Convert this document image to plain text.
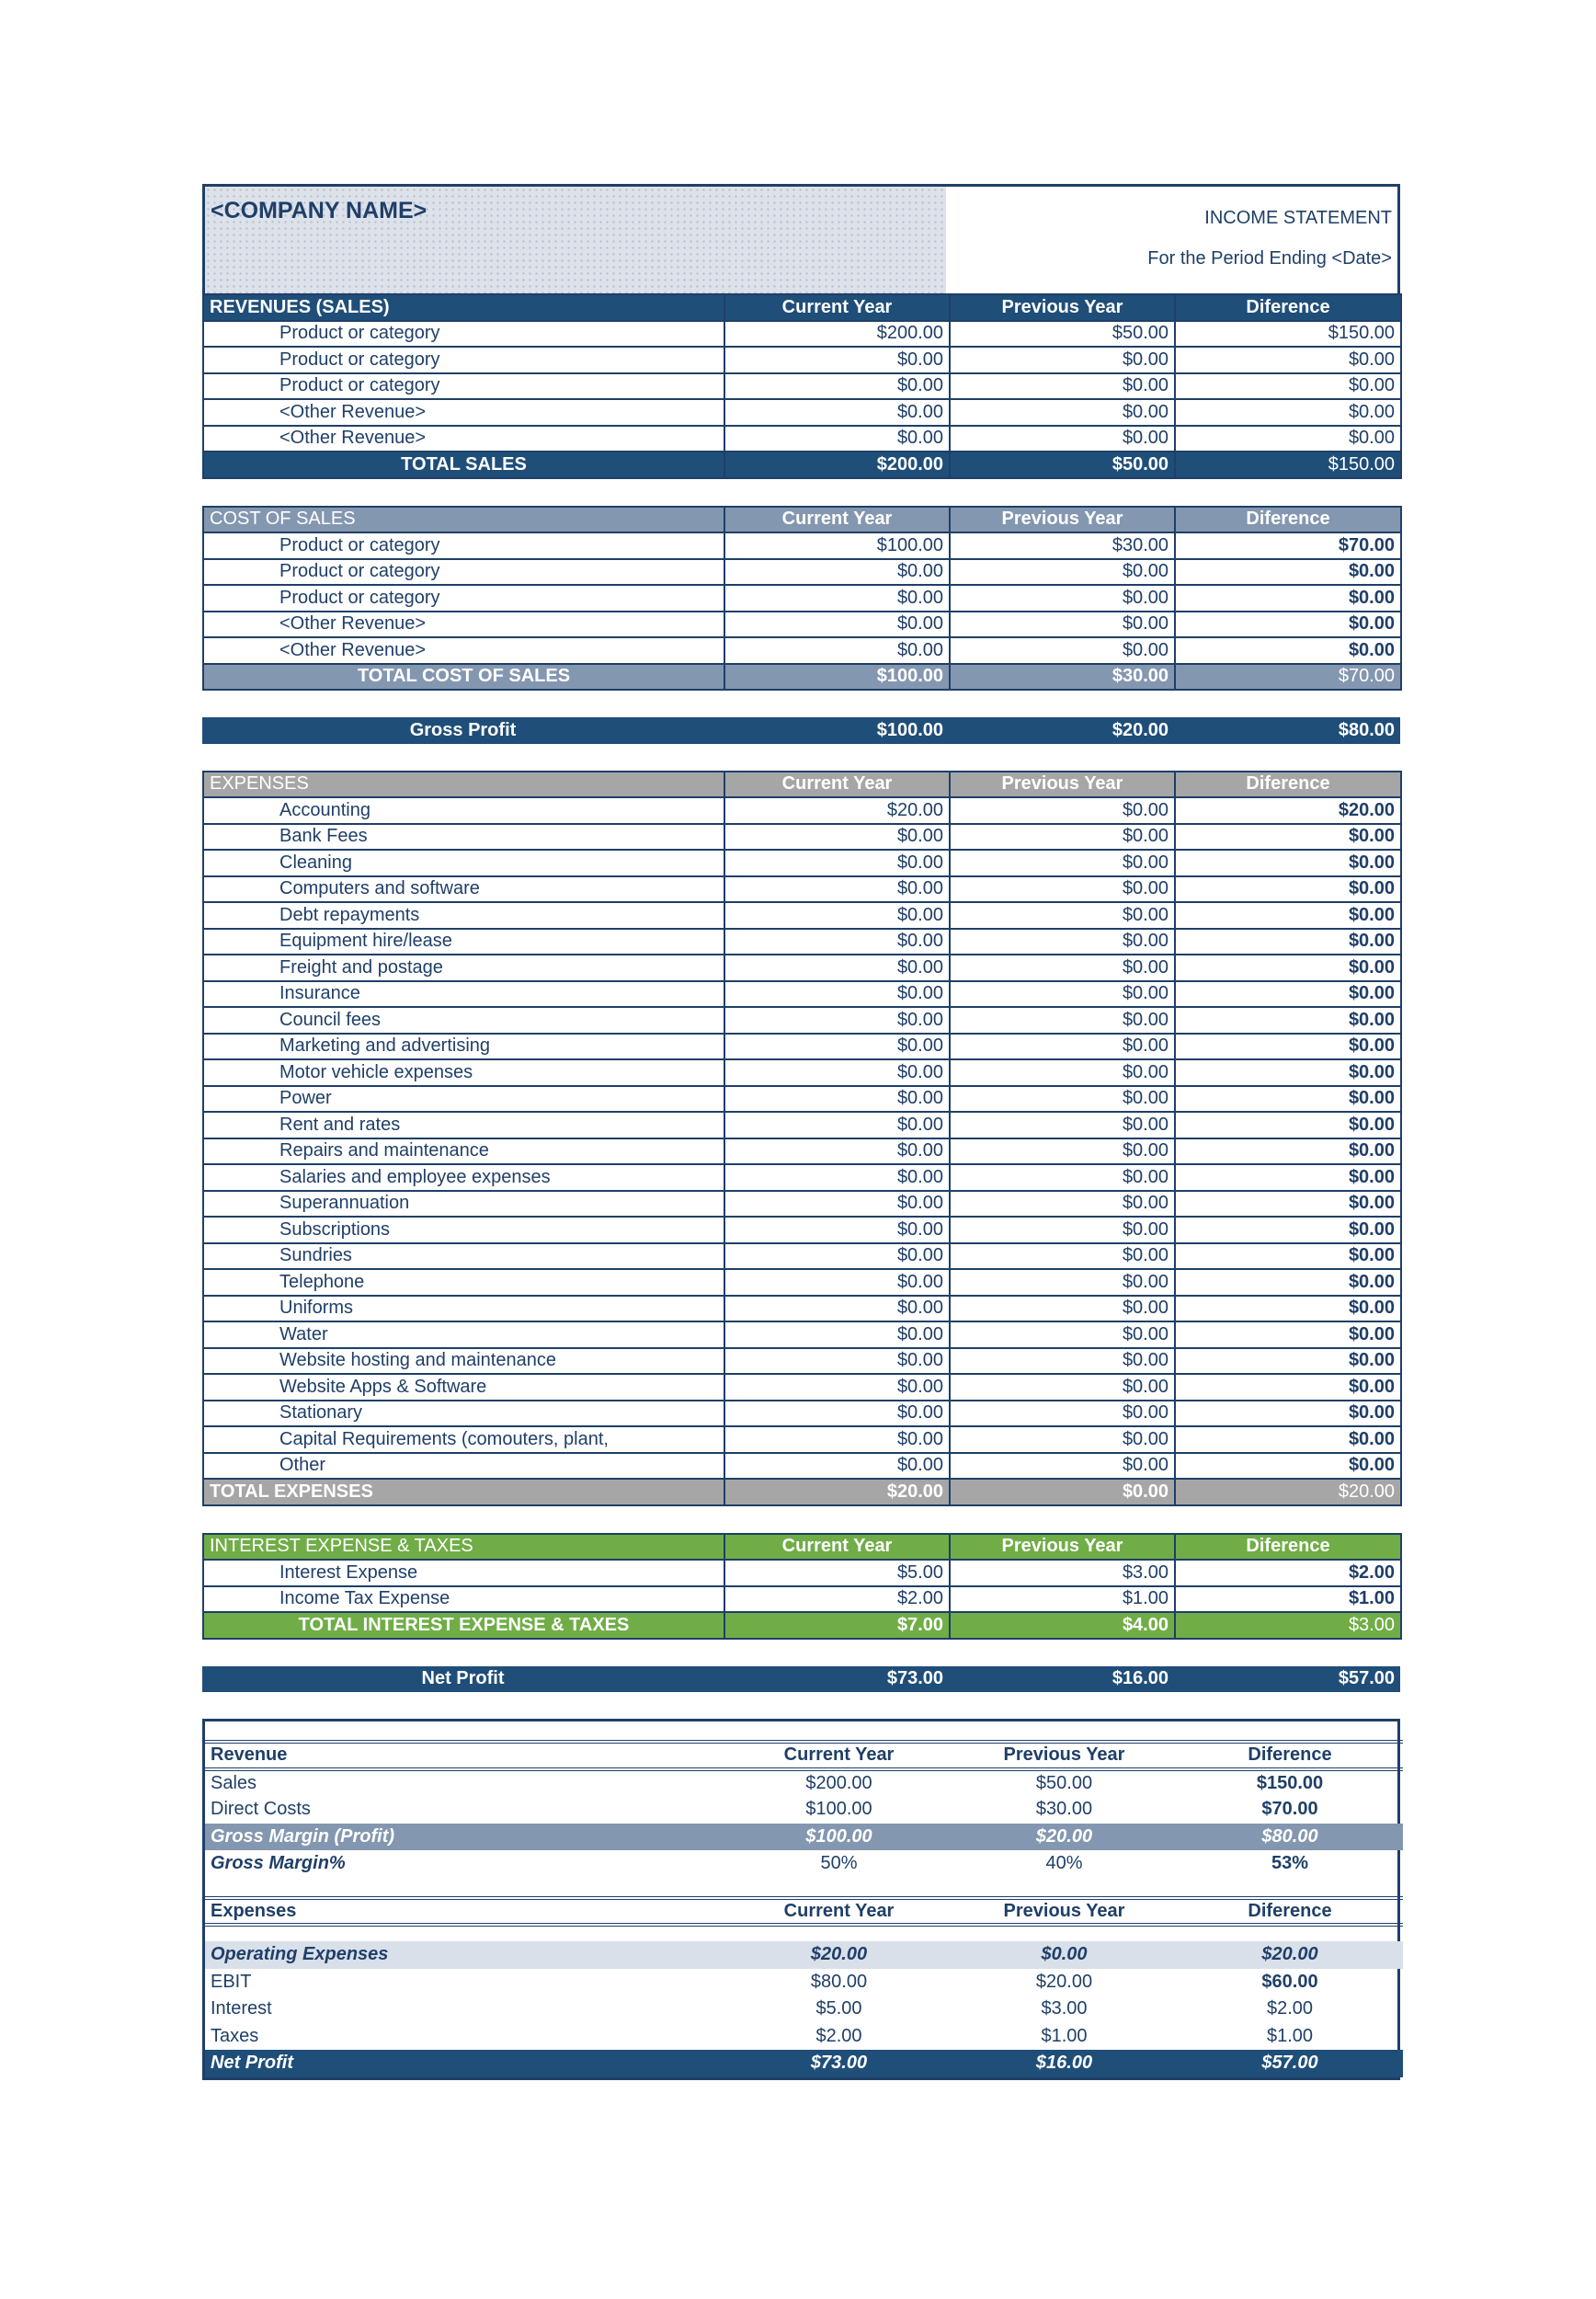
<COMPANY NAME>	INCOME STATEMENT
For the Period Ending <Date>
REVENUES (SALES)	Current Year	Previous Year	Diference
Product or category	$200.00	$50.00	$150.00
Product or category	$0.00	$0.00	$0.00
Product or category	$0.00	$0.00	$0.00
<Other Revenue>	$0.00	$0.00	$0.00
<Other Revenue>	$0.00	$0.00	$0.00
TOTAL SALES	$200.00	$50.00	$150.00
COST OF SALES	Current Year	Previous Year	Diference
Product or category	$100.00	$30.00	$70.00
Product or category	$0.00	$0.00	$0.00
Product or category	$0.00	$0.00	$0.00
<Other Revenue>	$0.00	$0.00	$0.00
<Other Revenue>	$0.00	$0.00	$0.00
TOTAL COST OF SALES	$100.00	$30.00	$70.00
Gross Profit	$100.00	$20.00	$80.00
EXPENSES	Current Year	Previous Year	Diference
Accounting	$20.00	$0.00	$20.00
Bank Fees	$0.00	$0.00	$0.00
Cleaning	$0.00	$0.00	$0.00
Computers and software	$0.00	$0.00	$0.00
Debt repayments	$0.00	$0.00	$0.00
Equipment hire/lease	$0.00	$0.00	$0.00
Freight and postage	$0.00	$0.00	$0.00
Insurance	$0.00	$0.00	$0.00
Council fees	$0.00	$0.00	$0.00
Marketing and advertising	$0.00	$0.00	$0.00
Motor vehicle expenses	$0.00	$0.00	$0.00
Power	$0.00	$0.00	$0.00
Rent and rates	$0.00	$0.00	$0.00
Repairs and maintenance	$0.00	$0.00	$0.00
Salaries and employee expenses	$0.00	$0.00	$0.00
Superannuation	$0.00	$0.00	$0.00
Subscriptions	$0.00	$0.00	$0.00
Sundries	$0.00	$0.00	$0.00
Telephone	$0.00	$0.00	$0.00
Uniforms	$0.00	$0.00	$0.00
Water	$0.00	$0.00	$0.00
Website hosting and maintenance	$0.00	$0.00	$0.00
Website Apps & Software	$0.00	$0.00	$0.00
Stationary	$0.00	$0.00	$0.00
Capital Requirements (comouters, plant,	$0.00	$0.00	$0.00
Other	$0.00	$0.00	$0.00
TOTAL EXPENSES	$20.00	$0.00	$20.00
INTEREST EXPENSE & TAXES	Current Year	Previous Year	Diference
Interest Expense	$5.00	$3.00	$2.00
Income Tax Expense	$2.00	$1.00	$1.00
TOTAL INTEREST EXPENSE & TAXES	$7.00	$4.00	$3.00
Net Profit	$73.00	$16.00	$57.00

Revenue	Current Year	Previous Year	Diference
Sales	$200.00	$50.00	$150.00
Direct Costs	$100.00	$30.00	$70.00
Gross Margin (Profit)	$100.00	$20.00	$80.00
Gross Margin%	50%	40%	53%

Expenses	Current Year	Previous Year	Diference

Operating Expenses	$20.00	$0.00	$20.00
EBIT	$80.00	$20.00	$60.00
Interest	$5.00	$3.00	$2.00
Taxes	$2.00	$1.00	$1.00
Net Profit	$73.00	$16.00	$57.00
